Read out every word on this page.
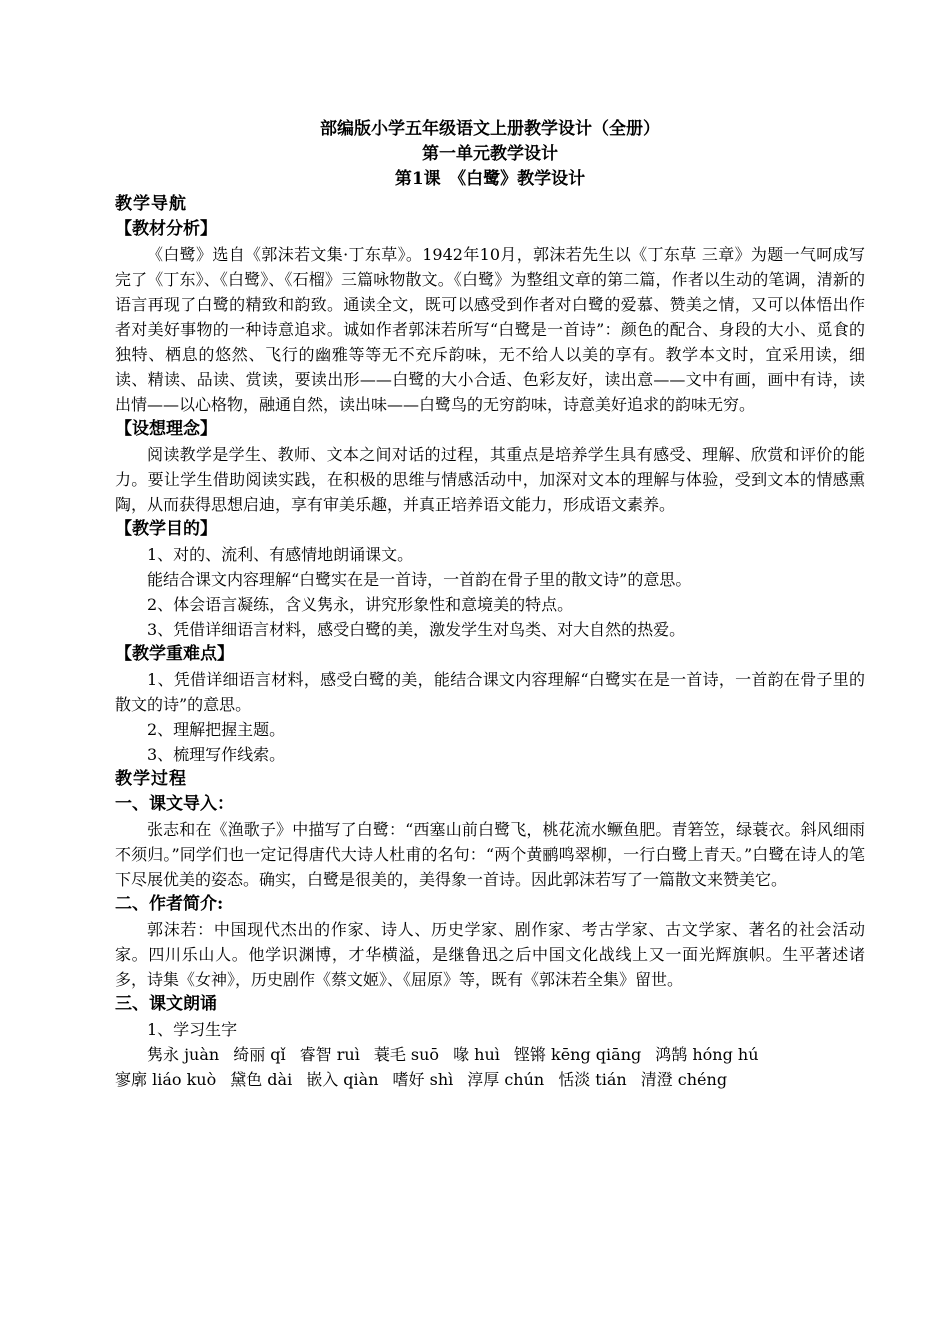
部编版小学五年级语文上册教学设计（全册）
第一单元教学设计
第1课　《白鹭》教学设计
教学导航
【教材分析】

《白鹭》选自《郭沫若文集·丁东草》。1942年10月，郭沫若先生以《丁东草 三章》为题一气呵成写完了《丁东》、《白鹭》、《石榴》三篇咏物散文。《白鹭》为整组文章的第二篇，作者以生动的笔调，清新的语言再现了白鹭的精致和韵致。通读全文，既可以感受到作者对白鹭的爱慕、赞美之情，又可以体悟出作者对美好事物的一种诗意追求。诚如作者郭沫若所写“白鹭是一首诗”：颜色的配合、身段的大小、觅食的独特、栖息的悠然、飞行的幽雅等等无不充斥韵味，无不给人以美的享有。教学本文时，宜采用读，细读、精读、品读、赏读，要读出形——白鹭的大小合适、色彩友好，读出意——文中有画，画中有诗，读出情——以心格物，融通自然，读出味——白鹭鸟的无穷韵味，诗意美好追求的韵味无穷。

【设想理念】

阅读教学是学生、教师、文本之间对话的过程，其重点是培养学生具有感受、理解、欣赏和评价的能力。要让学生借助阅读实践，在积极的思维与情感活动中，加深对文本的理解与体验，受到文本的情感熏陶，从而获得思想启迪，享有审美乐趣，并真正培养语文能力，形成语文素养。

【教学目的】

1、对的、流利、有感情地朗诵课文。

能结合课文内容理解“白鹭实在是一首诗，一首韵在骨子里的散文诗”的意思。

2、体会语言凝练，含义隽永，讲究形象性和意境美的特点。

3、凭借详细语言材料，感受白鹭的美，激发学生对鸟类、对大自然的热爱。

【教学重难点】

1、凭借详细语言材料，感受白鹭的美，能结合课文内容理解“白鹭实在是一首诗，一首韵在骨子里的散文的诗”的意思。

2、理解把握主题。

3、梳理写作线索。

教学过程
一、课文导入：

张志和在《渔歌子》中描写了白鹭：“西塞山前白鹭飞，桃花流水鳜鱼肥。青箬笠，绿蓑衣。斜风细雨不须归。”同学们也一定记得唐代大诗人杜甫的名句：“两个黄鹂鸣翠柳，一行白鹭上青天。”白鹭在诗人的笔下尽展优美的姿态。确实，白鹭是很美的，美得象一首诗。因此郭沫若写了一篇散文来赞美它。

二、作者简介:

郭沫若：中国现代杰出的作家、诗人、历史学家、剧作家、考古学家、古文学家、著名的社会活动家。四川乐山人。他学识渊博，才华横溢，是继鲁迅之后中国文化战线上又一面光辉旗帜。生平著述诸多，诗集《女神》，历史剧作《蔡文姬》、《屈原》等，既有《郭沫若全集》留世。

三、课文朗诵

1、学习生字

隽永 juàn 绮丽 qǐ 睿智 ruì 蓑毛 suō 喙 huì 铿锵 kēng qiāng 鸿鹄 hóng hú

寥廓 liáo kuò 黛色 dài 嵌入 qiàn 嗜好 shì 淳厚 chún 恬淡 tián 清澄 chéng
